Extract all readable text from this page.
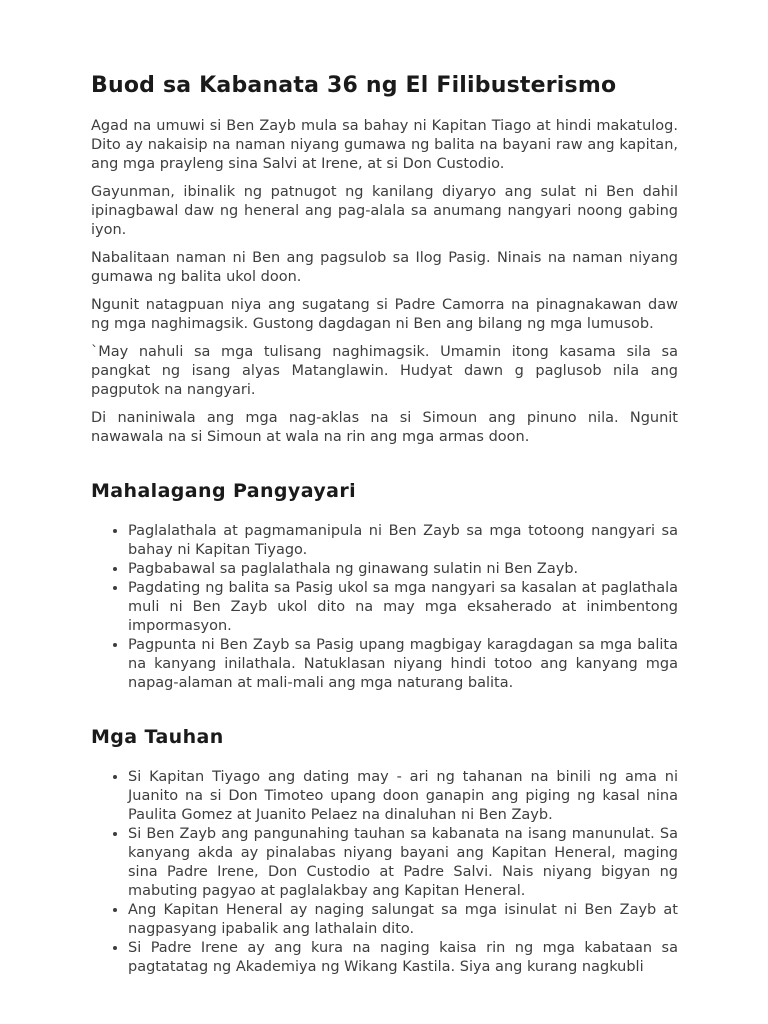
Buod sa Kabanata 36 ng El Filibusterismo

Agad na umuwi si Ben Zayb mula sa bahay ni Kapitan Tiago at hindi makatulog. Dito ay nakaisip na naman niyang gumawa ng balita na bayani raw ang kapitan, ang mga prayleng sina Salvi at Irene, at si Don Custodio.

Gayunman, ibinalik ng patnugot ng kanilang diyaryo ang sulat ni Ben dahil ipinagbawal daw ng heneral ang pag-alala sa anumang nangyari noong gabing iyon.

Nabalitaan naman ni Ben ang pagsulob sa Ilog Pasig. Ninais na naman niyang gumawa ng balita ukol doon.

Ngunit natagpuan niya ang sugatang si Padre Camorra na pinagnakawan daw ng mga naghimagsik. Gustong dagdagan ni Ben ang bilang ng mga lumusob.

`May nahuli sa mga tulisang naghimagsik. Umamin itong kasama sila sa pangkat ng isang alyas Matanglawin. Hudyat dawn g paglusob nila ang pagputok na nangyari.

Di naniniwala ang mga nag-aklas na si Simoun ang pinuno nila. Ngunit nawawala na si Simoun at wala na rin ang mga armas doon.

Mahalagang Pangyayari
• Paglalathala at pagmamanipula ni Ben Zayb sa mga totoong nangyari sa bahay ni Kapitan Tiyago.
• Pagbabawal sa paglalathala ng ginawang sulatin ni Ben Zayb.
• Pagdating ng balita sa Pasig ukol sa mga nangyari sa kasalan at paglathala muli ni Ben Zayb ukol dito na may mga eksaherado at inimbentong impormasyon.
• Pagpunta ni Ben Zayb sa Pasig upang magbigay karagdagan sa mga balita na kanyang inilathala. Natuklasan niyang hindi totoo ang kanyang mga napag-alaman at mali-mali ang mga naturang balita.
Mga Tauhan
• Si Kapitan Tiyago ang dating may - ari ng tahanan na binili ng ama ni Juanito na si Don Timoteo upang doon ganapin ang piging ng kasal nina Paulita Gomez at Juanito Pelaez na dinaluhan ni Ben Zayb.
• Si Ben Zayb ang pangunahing tauhan sa kabanata na isang manunulat. Sa kanyang akda ay pinalabas niyang bayani ang Kapitan Heneral, maging sina Padre Irene, Don Custodio at Padre Salvi. Nais niyang bigyan ng mabuting pagyao at paglalakbay ang Kapitan Heneral.
• Ang Kapitan Heneral ay naging salungat sa mga isinulat ni Ben Zayb at nagpasyang ipabalik ang lathalain dito.
• Si Padre Irene ay ang kura na naging kaisa rin ng mga kabataan sa pagtatatag ng Akademiya ng Wikang Kastila. Siya ang kurang nagkubli
